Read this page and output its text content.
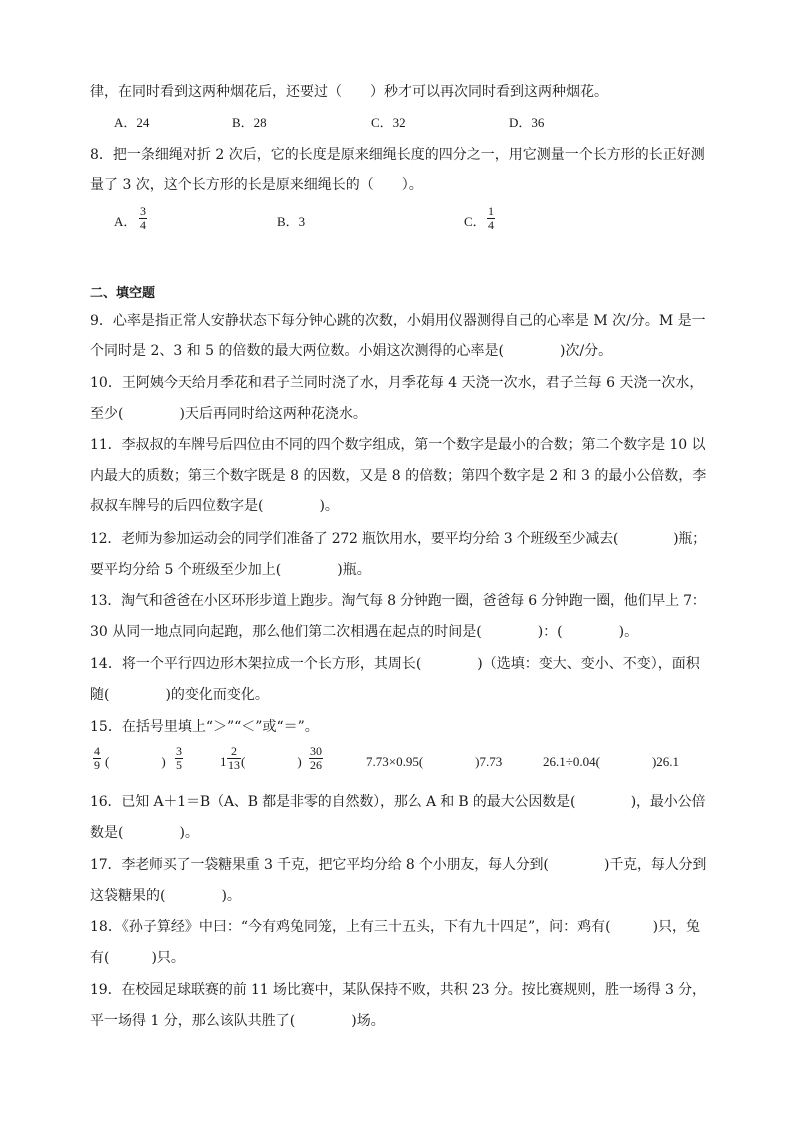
律，在同时看到这两种烟花后，还要过（　　）秒才可以再次同时看到这两种烟花。
A．24	B．28	C．32	D．36
8．把一条细绳对折 2 次后，它的长度是原来细绳长度的四分之一，用它测量一个长方形的长正好测
量了 3 次，这个长方形的长是原来细绳长的（　　）。
A． $\frac{3}{4}$	B．3	C． $\frac{1}{4}$
二、填空题
9．心率是指正常人安静状态下每分钟心跳的次数，小娟用仪器测得自己的心率是 M 次/分。M 是一
个同时是 2、3 和 5 的倍数的最大两位数。小娟这次测得的心率是(　　　　)次/分。
10．王阿姨今天给月季花和君子兰同时浇了水，月季花每 4 天浇一次水，君子兰每 6 天浇一次水，
至少(　　　　)天后再同时给这两种花浇水。
11．李叔叔的车牌号后四位由不同的四个数字组成，第一个数字是最小的合数；第二个数字是 10 以
内最大的质数；第三个数字既是 8 的因数，又是 8 的倍数；第四个数字是 2 和 3 的最小公倍数，李
叔叔车牌号的后四位数字是(　　　　)。
12．老师为参加运动会的同学们准备了 272 瓶饮用水，要平均分给 3 个班级至少减去(　　　　)瓶；
要平均分给 5 个班级至少加上(　　　　)瓶。
13．淘气和爸爸在小区环形步道上跑步。淘气每 8 分钟跑一圈，爸爸每 6 分钟跑一圈，他们早上 7：
30 从同一地点同向起跑，那么他们第二次相遇在起点的时间是(　　　　)：(　　　　)。
14．将一个平行四边形木架拉成一个长方形，其周长(　　　　)（选填：变大、变小、不变），面积
随(　　　　)的变化而变化。
15．在括号里填上“＞”“＜”或“＝”。
$\frac{4}{9}$ (　　　　) $\frac{3}{5}$	$1 \frac{2}{13}$ (　　　　) $\frac{30}{26}$	7.73×0.95(　　　　)7.73	26.1÷0.04(　　　　)26.1
16．已知 A＋1＝B（A、B 都是非零的自然数），那么 A 和 B 的最大公因数是(　　　　)，最小公倍
数是(　　　　)。
17．李老师买了一袋糖果重 3 千克，把它平均分给 8 个小朋友，每人分到(　　　　)千克，每人分到
这袋糖果的(　　　　)。
18．《孙子算经》中曰：“今有鸡兔同笼，上有三十五头，下有九十四足”，问：鸡有(　　　)只，兔
有(　　　)只。
19．在校园足球联赛的前 11 场比赛中，某队保持不败，共积 23 分。按比赛规则，胜一场得 3 分，
平一场得 1 分，那么该队共胜了(　　　　)场。
